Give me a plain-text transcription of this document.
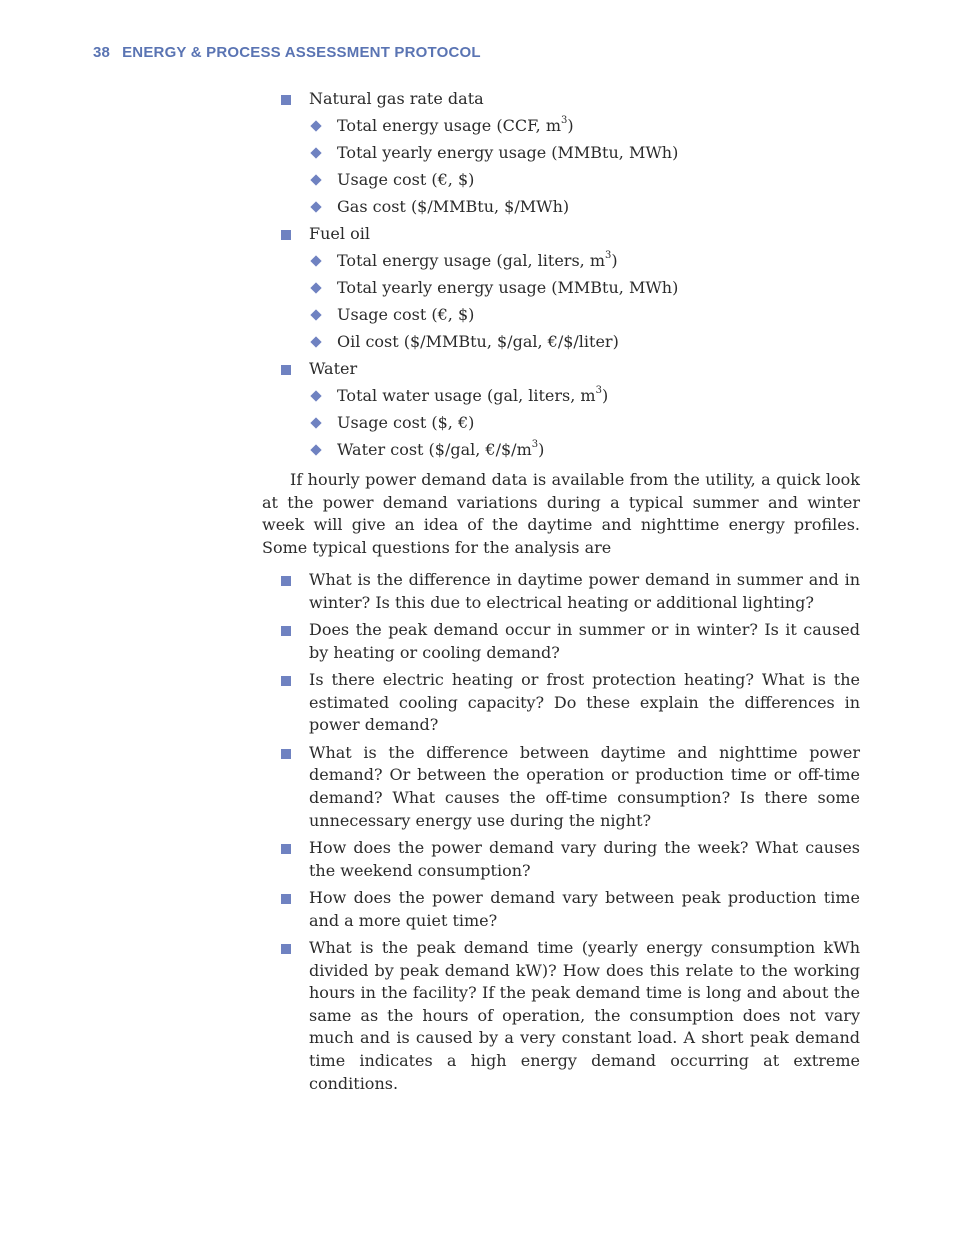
38 ENERGY & PROCESS ASSESSMENT PROTOCOL
Natural gas rate data
Total energy usage (CCF, $m^3$)
Total yearly energy usage (MMBtu, MWh)
Usage cost (€, $)
Gas cost ($/MMBtu, $/MWh)
Fuel oil
Total energy usage (gal, liters, $m^3$)
Total yearly energy usage (MMBtu, MWh)
Usage cost (€, $)
Oil cost ($/MMBtu, $/gal, €/$/liter)
Water
Total water usage (gal, liters, $m^3$)
Usage cost ($, €)
Water cost ($/gal, $€/\$/m^3$)

If hourly power demand data is available from the utility, a quick look at the power demand variations during a typical summer and winter week will give an idea of the daytime and nighttime energy profiles. Some typical questions for the analysis are

What is the difference in daytime power demand in summer and in winter? Is this due to electrical heating or additional lighting?
Does the peak demand occur in summer or in winter? Is it caused by heating or cooling demand?
Is there electric heating or frost protection heating? What is the estimated cooling capacity? Do these explain the differences in power demand?
What is the difference between daytime and nighttime power demand? Or between the operation or production time or off-time demand? What causes the off-time consumption? Is there some unnecessary energy use during the night?
How does the power demand vary during the week? What causes the weekend consumption?
How does the power demand vary between peak production time and a more quiet time?
What is the peak demand time (yearly energy consumption kWh divided by peak demand kW)? How does this relate to the working hours in the facility? If the peak demand time is long and about the same as the hours of operation, the consumption does not vary much and is caused by a very constant load. A short peak demand time indicates a high energy demand occurring at extreme conditions.
